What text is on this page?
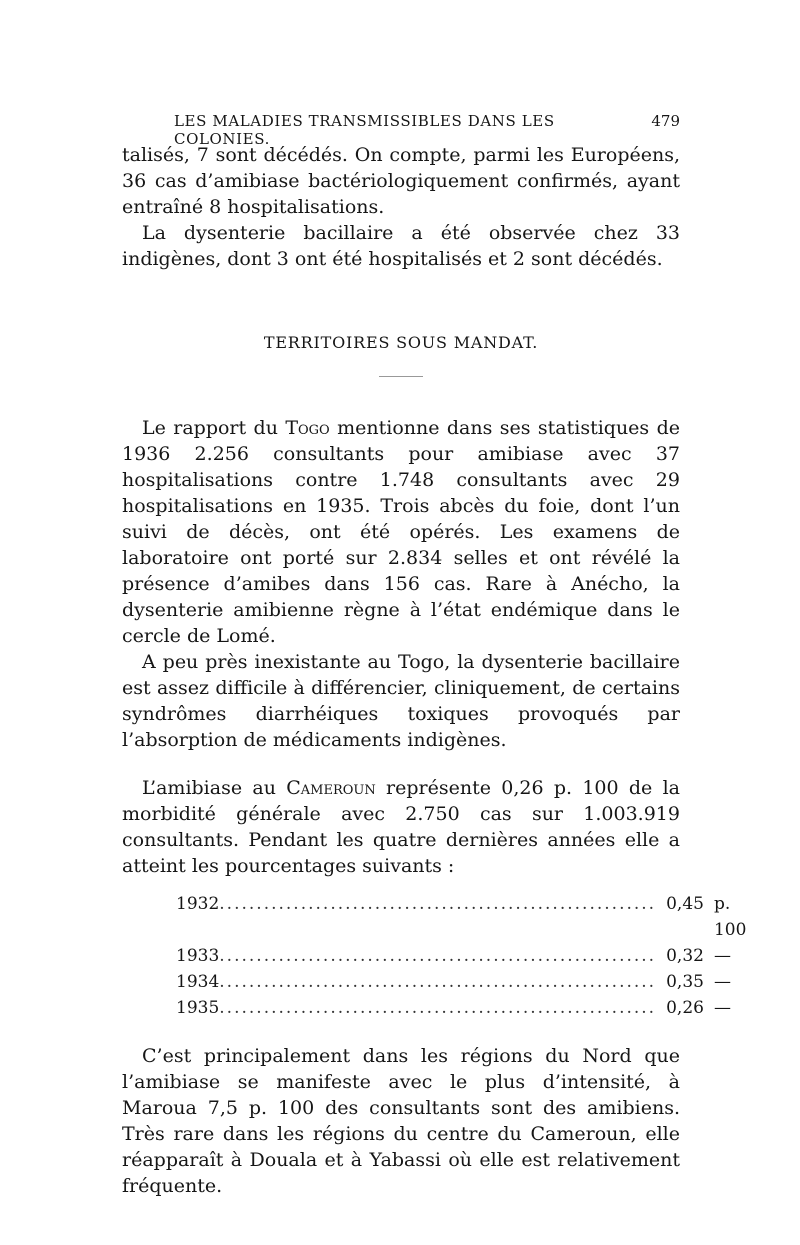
LES MALADIES TRANSMISSIBLES DANS LES COLONIES.
479

talisés, 7 sont décédés. On compte, parmi les Européens, 36 cas d’amibiase bactériologiquement confirmés, ayant entraîné 8 hospitalisations.

La dysenterie bacillaire a été observée chez 33 indigènes, dont 3 ont été hospitalisés et 2 sont décédés.

TERRITOIRES SOUS MANDAT.

Le rapport du Togo mentionne dans ses statistiques de 1936 2.256 consultants pour amibiase avec 37 hospitalisations contre 1.748 consultants avec 29 hospitalisations en 1935. Trois abcès du foie, dont l’un suivi de décès, ont été opérés. Les examens de laboratoire ont porté sur 2.834 selles et ont révélé la présence d’amibes dans 156 cas. Rare à Anécho, la dysenterie amibienne règne à l’état endémique dans le cercle de Lomé.

A peu près inexistante au Togo, la dysenterie bacillaire est assez difficile à différencier, cliniquement, de certains syndrômes diarrhéiques toxiques provoqués par l’absorption de médicaments indigènes.

L’amibiase au Cameroun représente 0,26 p. 100 de la morbidité générale avec 2.750 cas sur 1.003.919 consultants. Pendant les quatre dernières années elle a atteint les pourcentages suivants :

1932 ........................................................... 0,45 p. 100
1933 ........................................................... 0,32 —
1934 ........................................................... 0,35 —
1935 ........................................................... 0,26 —

C’est principalement dans les régions du Nord que l’amibiase se manifeste avec le plus d’intensité, à Maroua 7,5 p. 100 des consultants sont des amibiens. Très rare dans les régions du centre du Cameroun, elle réapparaît à Douala et à Yabassi où elle est relativement fréquente.
